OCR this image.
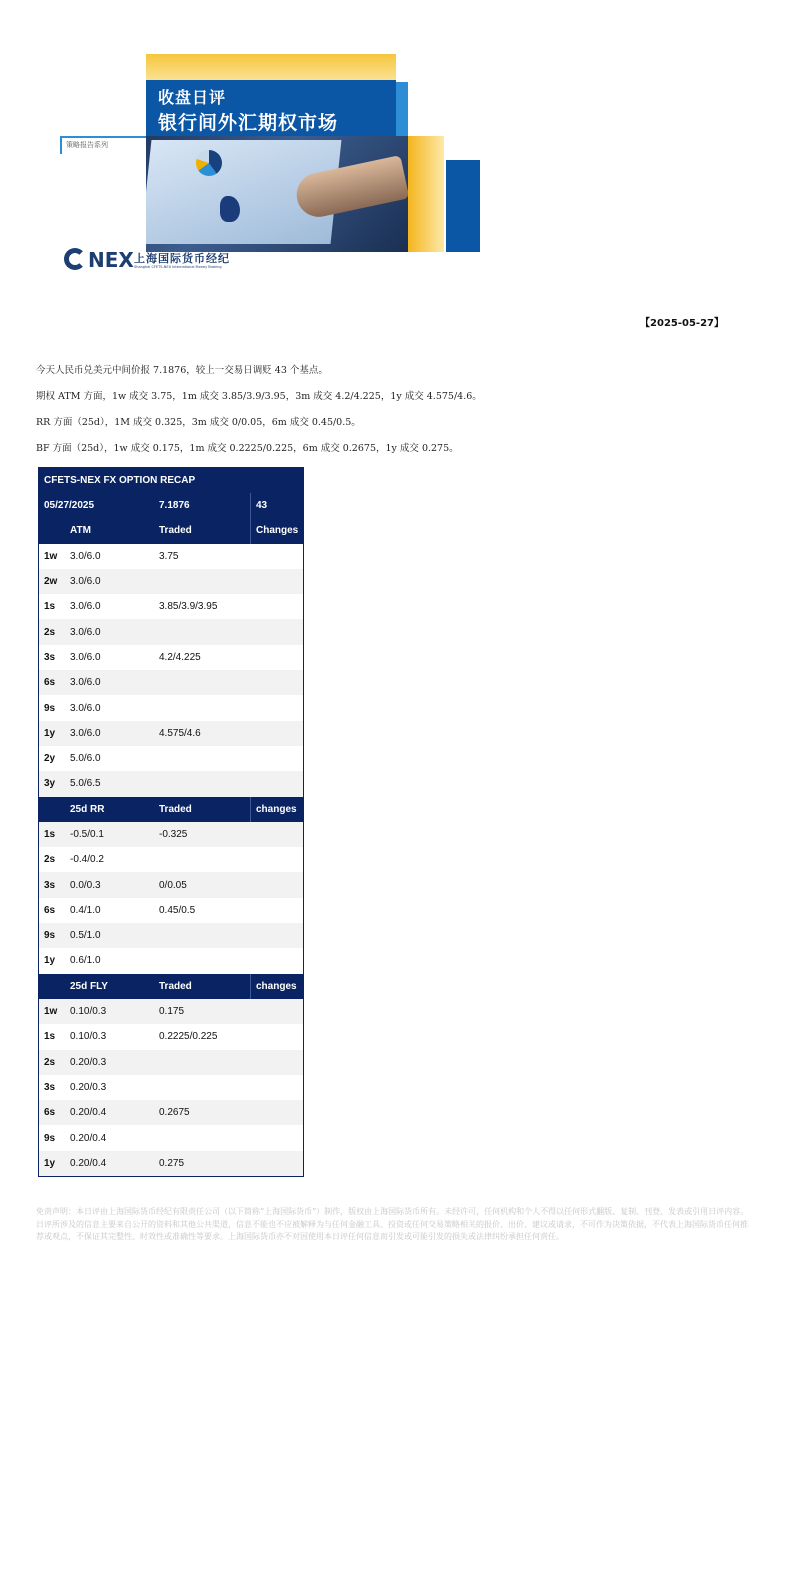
收盘日评
银行间外汇期权市场
策略报告系列
NEX 上海国际货币经纪
Shanghai CFETS-NEX International Money Broking
【2025-05-27】

今天人民币兑美元中间价报 7.1876，较上一交易日调贬 43 个基点。

期权 ATM 方面，1w 成交 3.75，1m 成交 3.85/3.9/3.95，3m 成交 4.2/4.225，1y 成交 4.575/4.6。

RR 方面（25d），1M 成交 0.325，3m 成交 0/0.05，6m 成交 0.45/0.5。

BF 方面（25d），1w 成交 0.175，1m 成交 0.2225/0.225，6m 成交 0.2675，1y 成交 0.275。

CFETS-NEX FX OPTION RECAP
05/27/2025	7.1876	43
ATM	Traded	Changes
1w	3.0/6.0	3.75
2w	3.0/6.0
1s	3.0/6.0	3.85/3.9/3.95
2s	3.0/6.0
3s	3.0/6.0	4.2/4.225
6s	3.0/6.0
9s	3.0/6.0
1y	3.0/6.0	4.575/4.6
2y	5.0/6.0
3y	5.0/6.5
25d RR	Traded	changes
1s	-0.5/0.1	-0.325
2s	-0.4/0.2
3s	0.0/0.3	0/0.05
6s	0.4/1.0	0.45/0.5
9s	0.5/1.0
1y	0.6/1.0
25d FLY	Traded	changes
1w	0.10/0.3	0.175
1s	0.10/0.3	0.2225/0.225
2s	0.20/0.3
3s	0.20/0.3
6s	0.20/0.4	0.2675
9s	0.20/0.4
1y	0.20/0.4	0.275
免责声明：本日评由上海国际货币经纪有限责任公司（以下简称“上海国际货币”）制作，版权由上海国际货币所有。未经许可，任何机构和个人不得以任何形式翻版、复制、刊登、发表或引用日评内容。日评所涉及的信息主要来自公开的资料和其他公共渠道，信息不能也不应被解释为与任何金融工具、投资或任何交易策略相关的报价、出价、建议或请求，不可作为决策依据，不代表上海国际货币任何推荐或观点，不保证其完整性、时效性或准确性等要求。上海国际货币亦不对因使用本日评任何信息而引发或可能引发的损失或法律纠纷承担任何责任。
